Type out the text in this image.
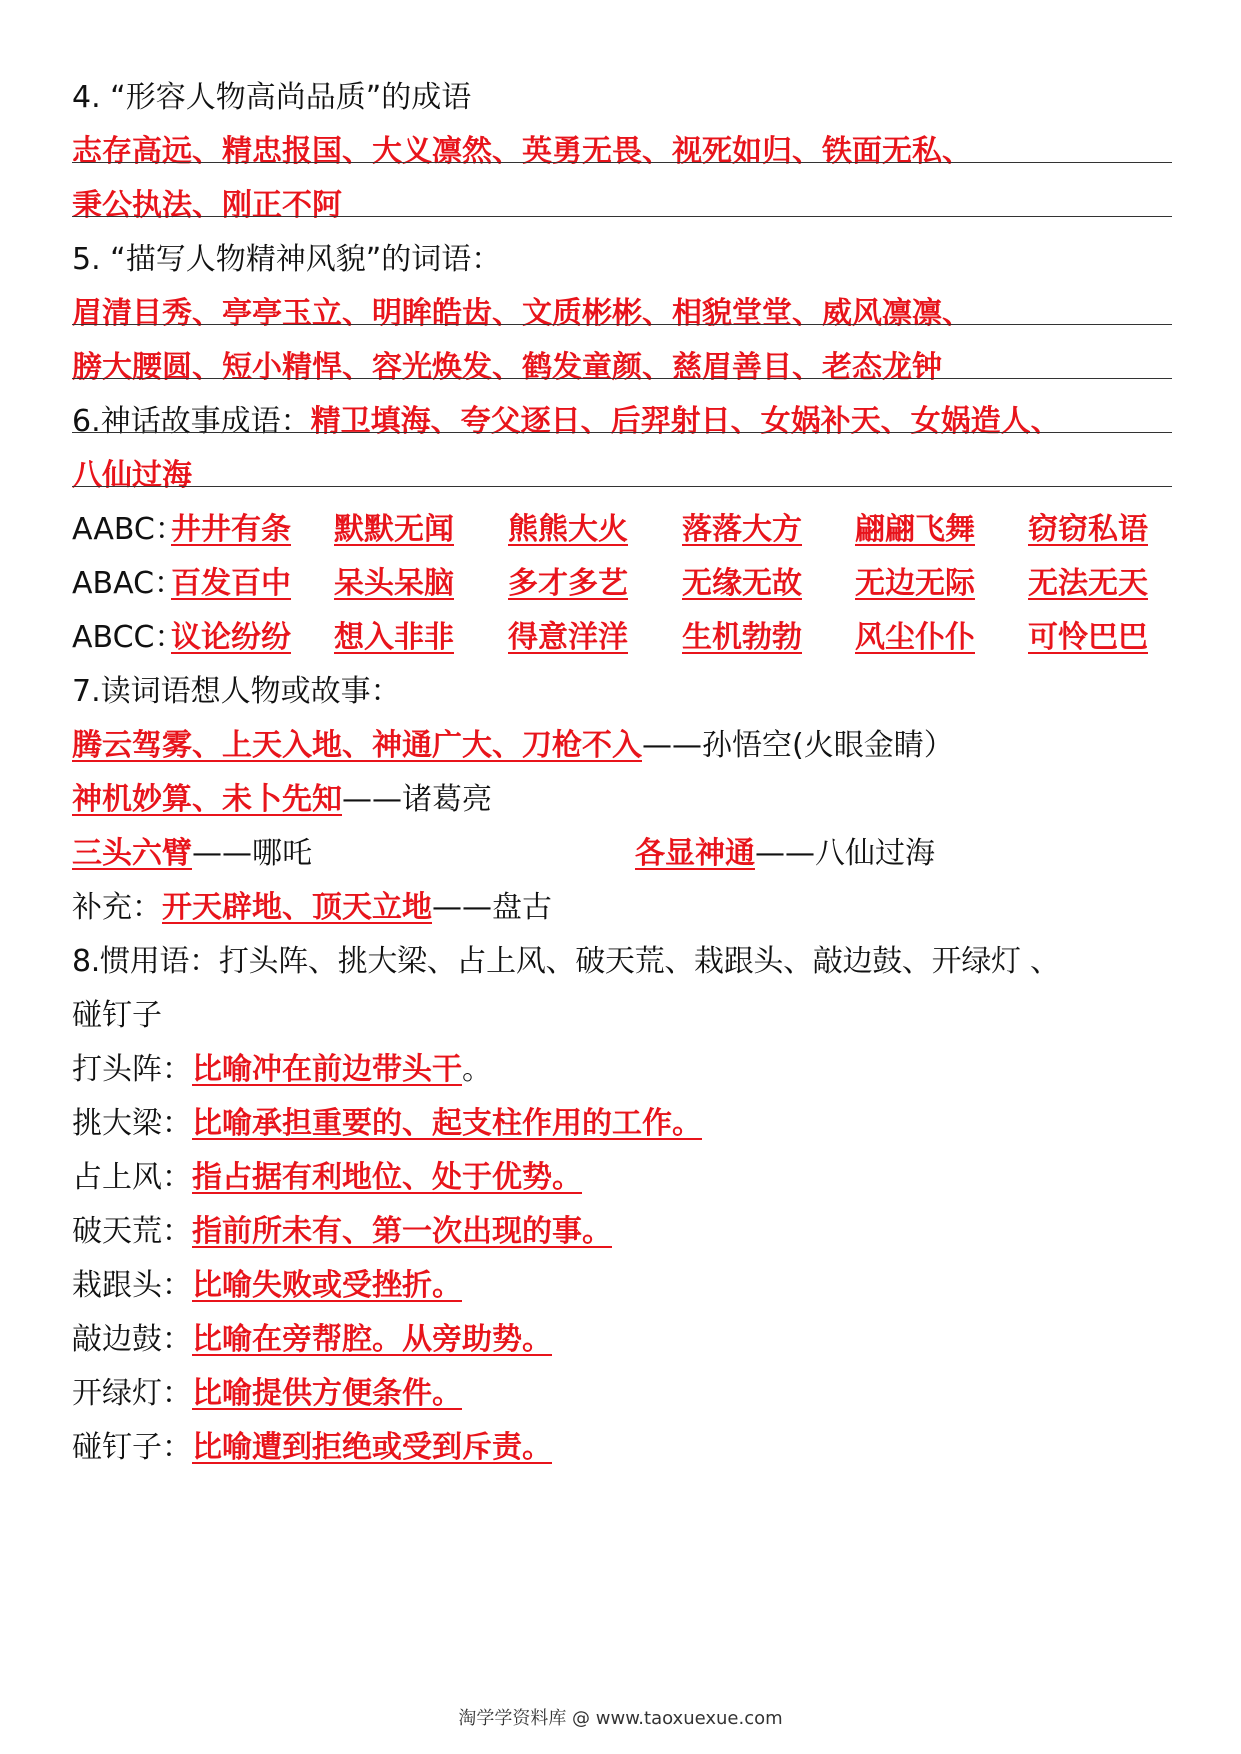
4. “形容人物高尚品质”的成语
志存高远、精忠报国、大义凛然、英勇无畏、视死如归、铁面无私、
秉公执法、刚正不阿
5. “描写人物精神风貌”的词语：
眉清目秀、亭亭玉立、明眸皓齿、文质彬彬、相貌堂堂、威风凛凛、
膀大腰圆、短小精悍、容光焕发、鹤发童颜、慈眉善目、老态龙钟
6.神话故事成语：精卫填海、夸父逐日、后羿射日、女娲补天、女娲造人、
八仙过海
AABC：
井井有条 默默无闻 熊熊大火 落落大方 翩翩飞舞 窃窃私语
ABAC：
百发百中 呆头呆脑 多才多艺 无缘无故 无边无际 无法无天
ABCC：
议论纷纷 想入非非 得意洋洋 生机勃勃 风尘仆仆 可怜巴巴
7.读词语想人物或故事：
腾云驾雾、上天入地、神通广大、刀枪不入——孙悟空(火眼金睛）
神机妙算、未卜先知——诸葛亮
三头六臂——哪吒	各显神通——八仙过海
补充：开天辟地、顶天立地——盘古
8.惯用语：打头阵、挑大梁、占上风、破天荒、栽跟头、敲边鼓、开绿灯 、
碰钉子
打头阵：比喻冲在前边带头干。
挑大梁：比喻承担重要的、起支柱作用的工作。
占上风：指占据有利地位、处于优势。
破天荒：指前所未有、第一次出现的事。
栽跟头：比喻失败或受挫折。
敲边鼓：比喻在旁帮腔。从旁助势。
开绿灯：比喻提供方便条件。
碰钉子：比喻遭到拒绝或受到斥责。
淘学学资料库 @ www.taoxuexue.com
